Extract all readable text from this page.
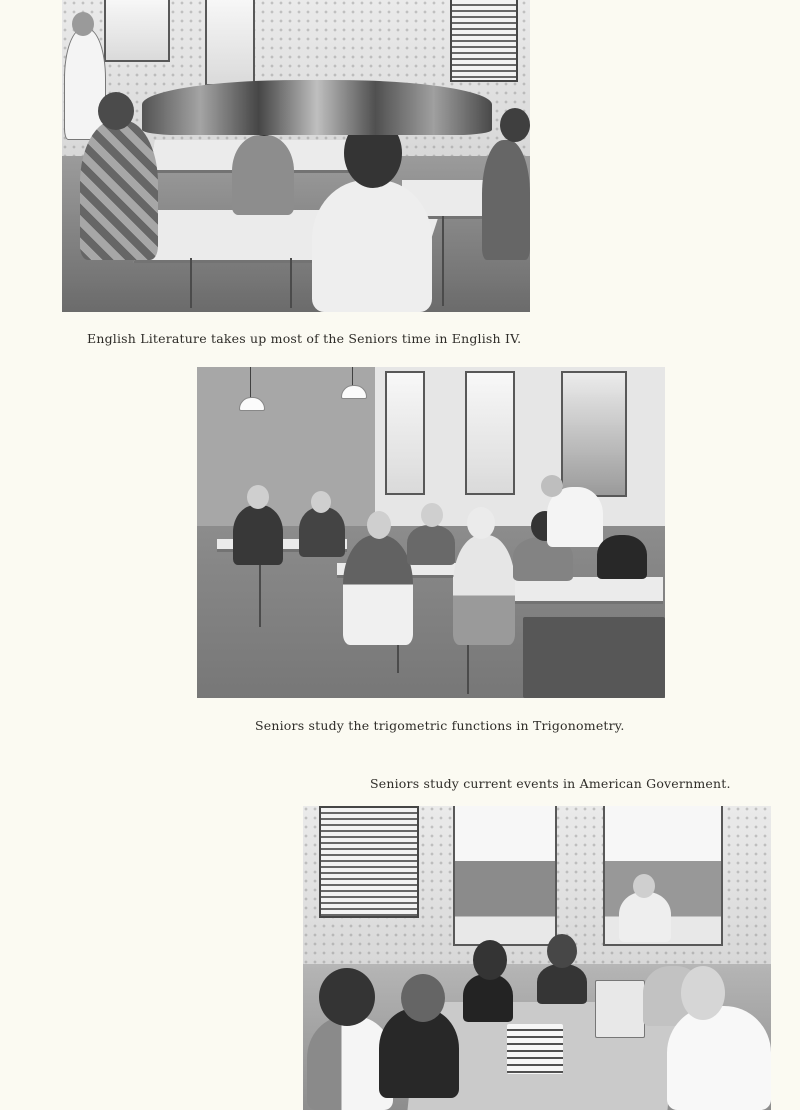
English Literature takes up most of the Seniors time in English IV.
Seniors study the trigometric functions in Trigonometry.
Seniors study current events in American Government.
